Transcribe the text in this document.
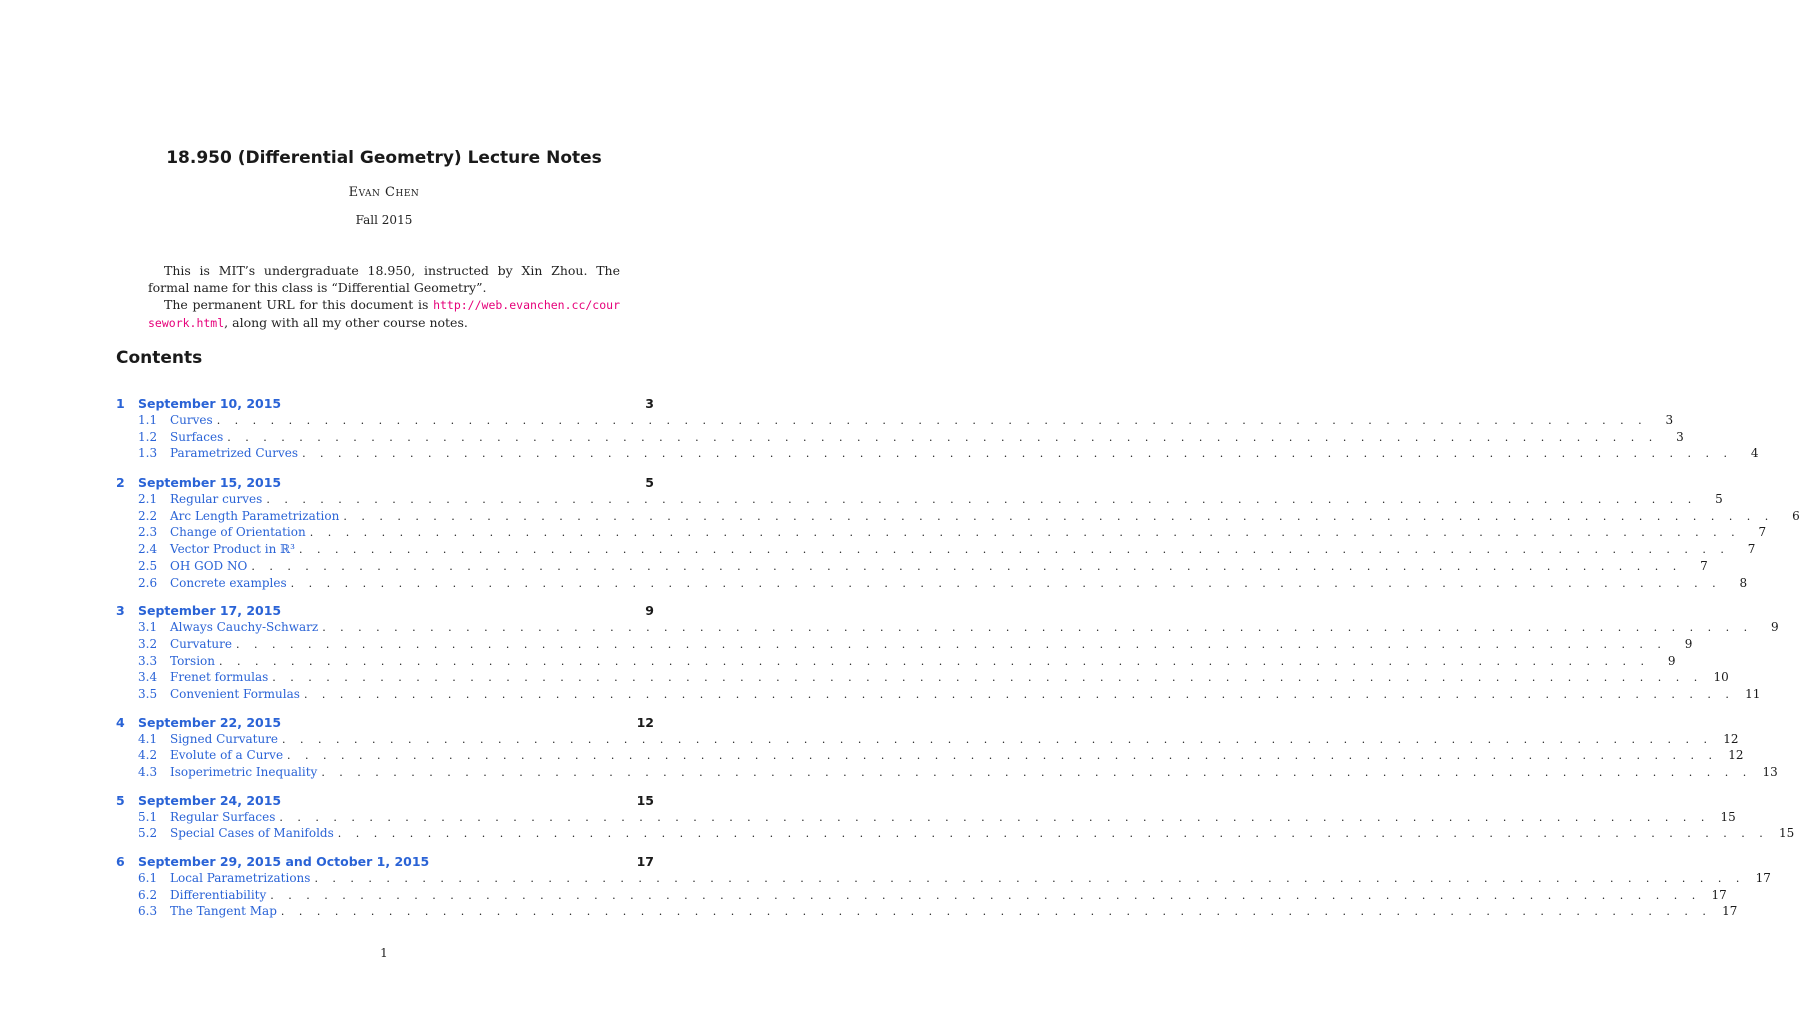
18.950 (Differential Geometry) Lecture Notes
Evan Chen
Fall 2015

This is MIT’s undergraduate 18.950, instructed by Xin Zhou. The formal name for this class is “Differential Geometry”.

The permanent URL for this document is http://web.evanchen.cc/coursework.html, along with all my other course notes.

Contents
1	September 10, 2015	3
1.1	Curves . . . . . . . . . . . . . . . . . . . . . . . . . . . . . . . . . . . . . . . . . . . . . . . . . . . . . . . . . . . . . . . . . . . . . . . . . . . . . . . .	3
1.2	Surfaces . . . . . . . . . . . . . . . . . . . . . . . . . . . . . . . . . . . . . . . . . . . . . . . . . . . . . . . . . . . . . . . . . . . . . . . . . . . . . . . .	3
1.3	Parametrized Curves . . . . . . . . . . . . . . . . . . . . . . . . . . . . . . . . . . . . . . . . . . . . . . . . . . . . . . . . . . . . . . . . . . . . . . . . . . . . . . . .	4
2	September 15, 2015	5
2.1	Regular curves . . . . . . . . . . . . . . . . . . . . . . . . . . . . . . . . . . . . . . . . . . . . . . . . . . . . . . . . . . . . . . . . . . . . . . . . . . . . . . . .	5
2.2	Arc Length Parametrization . . . . . . . . . . . . . . . . . . . . . . . . . . . . . . . . . . . . . . . . . . . . . . . . . . . . . . . . . . . . . . . . . . . . . . . . . . . . . . . .	6
2.3	Change of Orientation . . . . . . . . . . . . . . . . . . . . . . . . . . . . . . . . . . . . . . . . . . . . . . . . . . . . . . . . . . . . . . . . . . . . . . . . . . . . . . . .	7
2.4	Vector Product in ℝ³ . . . . . . . . . . . . . . . . . . . . . . . . . . . . . . . . . . . . . . . . . . . . . . . . . . . . . . . . . . . . . . . . . . . . . . . . . . . . . . . .	7
2.5	OH GOD NO . . . . . . . . . . . . . . . . . . . . . . . . . . . . . . . . . . . . . . . . . . . . . . . . . . . . . . . . . . . . . . . . . . . . . . . . . . . . . . . .	7
2.6	Concrete examples . . . . . . . . . . . . . . . . . . . . . . . . . . . . . . . . . . . . . . . . . . . . . . . . . . . . . . . . . . . . . . . . . . . . . . . . . . . . . . . .	8
3	September 17, 2015	9
3.1	Always Cauchy-Schwarz . . . . . . . . . . . . . . . . . . . . . . . . . . . . . . . . . . . . . . . . . . . . . . . . . . . . . . . . . . . . . . . . . . . . . . . . . . . . . . . .	9
3.2	Curvature . . . . . . . . . . . . . . . . . . . . . . . . . . . . . . . . . . . . . . . . . . . . . . . . . . . . . . . . . . . . . . . . . . . . . . . . . . . . . . . .	9
3.3	Torsion . . . . . . . . . . . . . . . . . . . . . . . . . . . . . . . . . . . . . . . . . . . . . . . . . . . . . . . . . . . . . . . . . . . . . . . . . . . . . . . .	9
3.4	Frenet formulas . . . . . . . . . . . . . . . . . . . . . . . . . . . . . . . . . . . . . . . . . . . . . . . . . . . . . . . . . . . . . . . . . . . . . . . . . . . . . . . . 10
3.5	Convenient Formulas . . . . . . . . . . . . . . . . . . . . . . . . . . . . . . . . . . . . . . . . . . . . . . . . . . . . . . . . . . . . . . . . . . . . . . . . . . . . . . . . 11
4	September 22, 2015	12
4.1	Signed Curvature . . . . . . . . . . . . . . . . . . . . . . . . . . . . . . . . . . . . . . . . . . . . . . . . . . . . . . . . . . . . . . . . . . . . . . . . . . . . . . . . 12
4.2	Evolute of a Curve . . . . . . . . . . . . . . . . . . . . . . . . . . . . . . . . . . . . . . . . . . . . . . . . . . . . . . . . . . . . . . . . . . . . . . . . . . . . . . . . 12
4.3	Isoperimetric Inequality . . . . . . . . . . . . . . . . . . . . . . . . . . . . . . . . . . . . . . . . . . . . . . . . . . . . . . . . . . . . . . . . . . . . . . . . . . . . . . . . 13
5	September 24, 2015	15
5.1	Regular Surfaces . . . . . . . . . . . . . . . . . . . . . . . . . . . . . . . . . . . . . . . . . . . . . . . . . . . . . . . . . . . . . . . . . . . . . . . . . . . . . . . . 15
5.2	Special Cases of Manifolds . . . . . . . . . . . . . . . . . . . . . . . . . . . . . . . . . . . . . . . . . . . . . . . . . . . . . . . . . . . . . . . . . . . . . . . . . . . . . . . . 15
6	September 29, 2015 and October 1, 2015	17
6.1	Local Parametrizations . . . . . . . . . . . . . . . . . . . . . . . . . . . . . . . . . . . . . . . . . . . . . . . . . . . . . . . . . . . . . . . . . . . . . . . . . . . . . . . . 17
6.2	Differentiability . . . . . . . . . . . . . . . . . . . . . . . . . . . . . . . . . . . . . . . . . . . . . . . . . . . . . . . . . . . . . . . . . . . . . . . . . . . . . . . . 17
6.3	The Tangent Map . . . . . . . . . . . . . . . . . . . . . . . . . . . . . . . . . . . . . . . . . . . . . . . . . . . . . . . . . . . . . . . . . . . . . . . . . . . . . . . . 17
1
